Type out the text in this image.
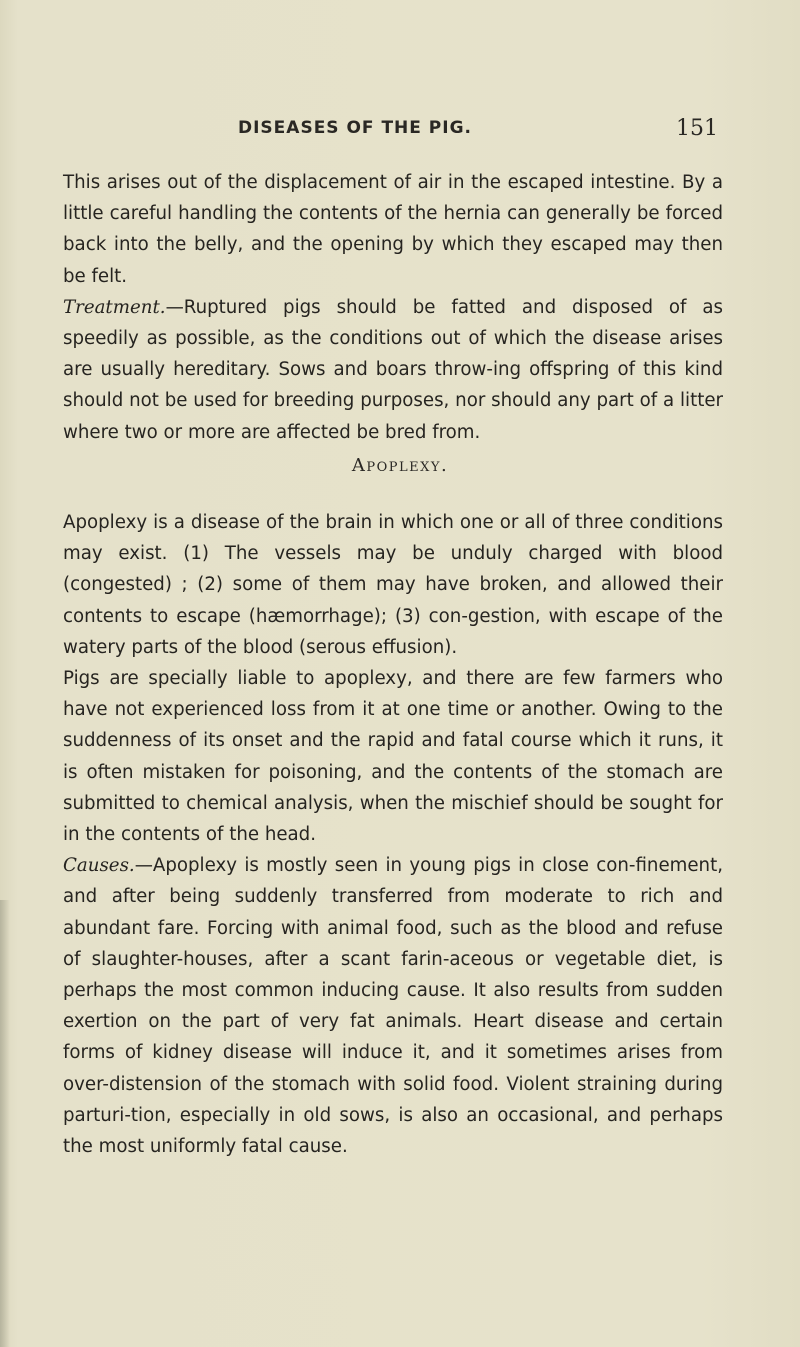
DISEASES OF THE PIG.	151

This arises out of the displacement of air in the escaped intestine. By a little careful handling the contents of the hernia can generally be forced back into the belly, and the opening by which they escaped may then be felt.

Treatment.—Ruptured pigs should be fatted and disposed of as speedily as possible, as the conditions out of which the disease arises are usually hereditary. Sows and boars throw-ing offspring of this kind should not be used for breeding purposes, nor should any part of a litter where two or more are affected be bred from.

Apoplexy.

Apoplexy is a disease of the brain in which one or all of three conditions may exist. (1) The vessels may be unduly charged with blood (congested) ; (2) some of them may have broken, and allowed their contents to escape (hæmorrhage); (3) con-gestion, with escape of the watery parts of the blood (serous effusion).

Pigs are specially liable to apoplexy, and there are few farmers who have not experienced loss from it at one time or another. Owing to the suddenness of its onset and the rapid and fatal course which it runs, it is often mistaken for poisoning, and the contents of the stomach are submitted to chemical analysis, when the mischief should be sought for in the contents of the head.

Causes.—Apoplexy is mostly seen in young pigs in close con-finement, and after being suddenly transferred from moderate to rich and abundant fare. Forcing with animal food, such as the blood and refuse of slaughter-houses, after a scant farin-aceous or vegetable diet, is perhaps the most common inducing cause. It also results from sudden exertion on the part of very fat animals. Heart disease and certain forms of kidney disease will induce it, and it sometimes arises from over-distension of the stomach with solid food. Violent straining during parturi-tion, especially in old sows, is also an occasional, and perhaps the most uniformly fatal cause.
